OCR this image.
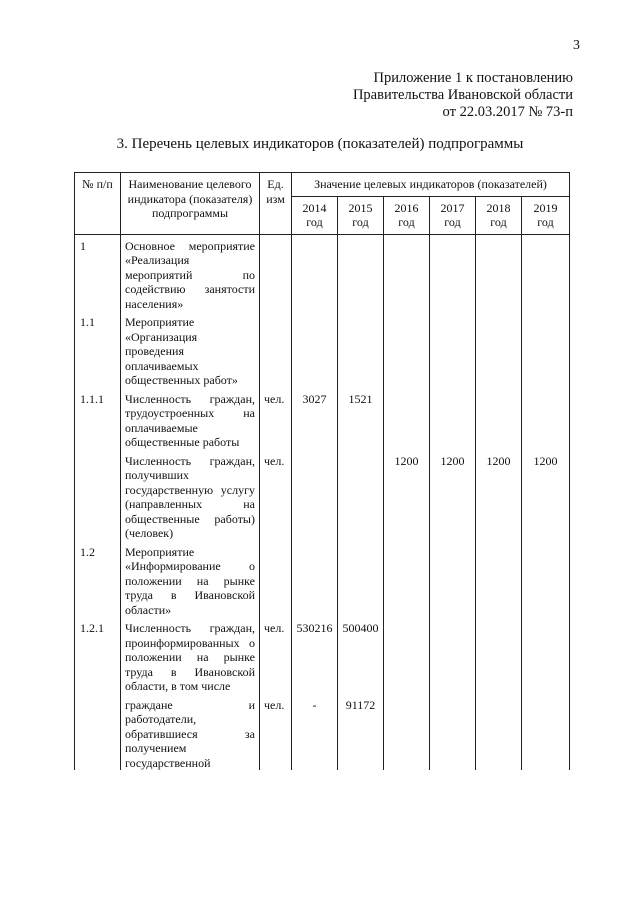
3
Приложение 1 к постановлению
Правительства Ивановской области
от 22.03.2017 № 73-п
3. Перечень целевых индикаторов (показателей) подпрограммы
№ п/п	Наименование целевого индикатора (показателя) подпрограммы	Ед. изм	Значение целевых индикаторов (показателей)					
			2014 год	2015 год	2016 год	2017 год	2018 год	2019 год

1	Основное мероприятие «Реализация мероприятий по содействию занятости населения»							

1.1	Мероприятие «Организация проведения оплачиваемых общественных работ»							

1.1.1	Численность граждан, трудоустроенных на оплачиваемые общественные работы	чел.	3027	1521				

	Численность граждан, получивших государственную услугу (направленных на общественные работы) (человек)	чел.			1200	1200	1200	1200

1.2	Мероприятие «Информирование о положении на рынке труда в Ивановской области»							

1.2.1	Численность граждан, проинформированных о положении на рынке труда в Ивановской области, в том числе	чел.	530216	500400				

	граждане и работодатели, обратившиеся за получением государственной	чел.	-	91172				
